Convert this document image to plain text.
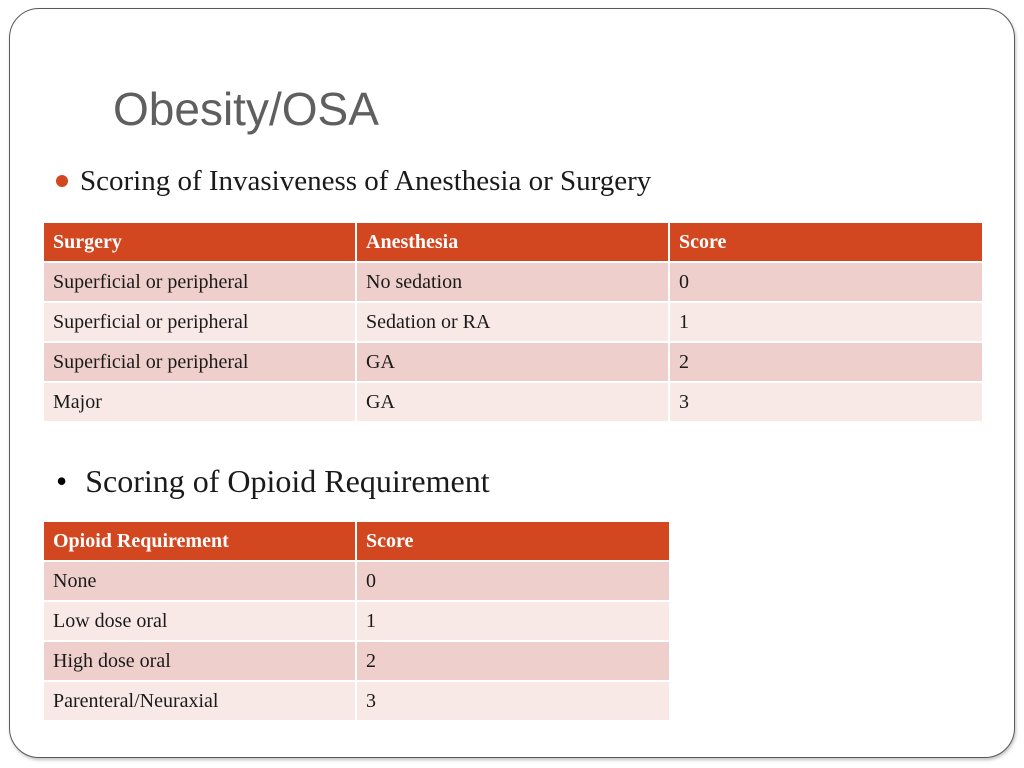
Obesity/OSA
Scoring of Invasiveness of Anesthesia or Surgery
Surgery	Anesthesia	Score
Superficial or peripheral	No sedation	0
Superficial or peripheral	Sedation or RA	1
Superficial or peripheral	GA	2
Major	GA	3
• Scoring of Opioid Requirement
Opioid Requirement	Score
None	0
Low dose oral	1
High dose oral	2
Parenteral/Neuraxial	3
